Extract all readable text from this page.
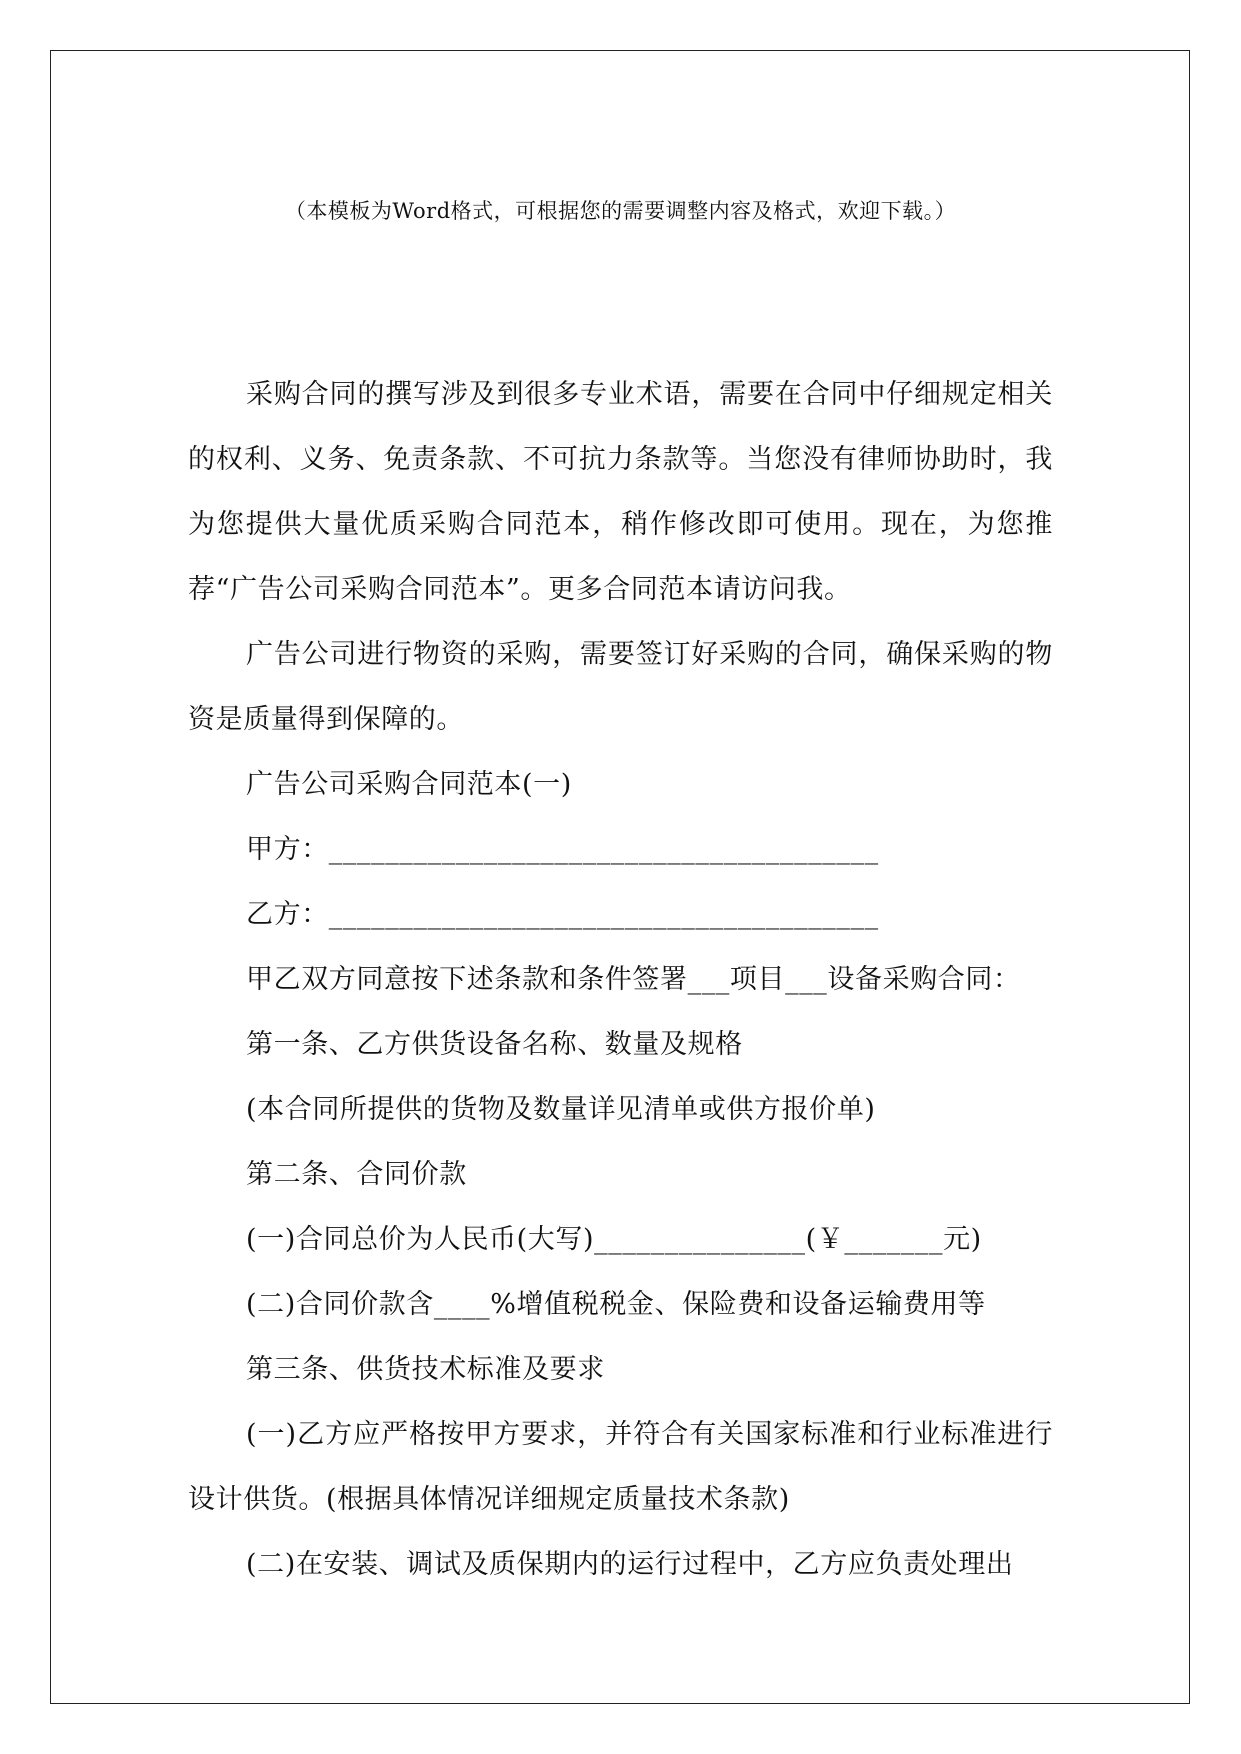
（本模板为Word格式，可根据您的需要调整内容及格式，欢迎下载。）

采购合同的撰写涉及到很多专业术语，需要在合同中仔细规定相关的权利、义务、免责条款、不可抗力条款等。当您没有律师协助时，我为您提供大量优质采购合同范本，稍作修改即可使用。现在，为您推荐“广告公司采购合同范本”。更多合同范本请访问我。

广告公司进行物资的采购，需要签订好采购的合同，确保采购的物资是质量得到保障的。

广告公司采购合同范本(一)

甲方：_______________________________________

乙方：_______________________________________

甲乙双方同意按下述条款和条件签署___项目___设备采购合同：

第一条、乙方供货设备名称、数量及规格

(本合同所提供的货物及数量详见清单或供方报价单)

第二条、合同价款

(一)合同总价为人民币(大写)_______________(￥_______元)

(二)合同价款含____%增值税税金、保险费和设备运输费用等

第三条、供货技术标准及要求

(一)乙方应严格按甲方要求，并符合有关国家标准和行业标准进行设计供货。(根据具体情况详细规定质量技术条款)

(二)在安装、调试及质保期内的运行过程中，乙方应负责处理出
